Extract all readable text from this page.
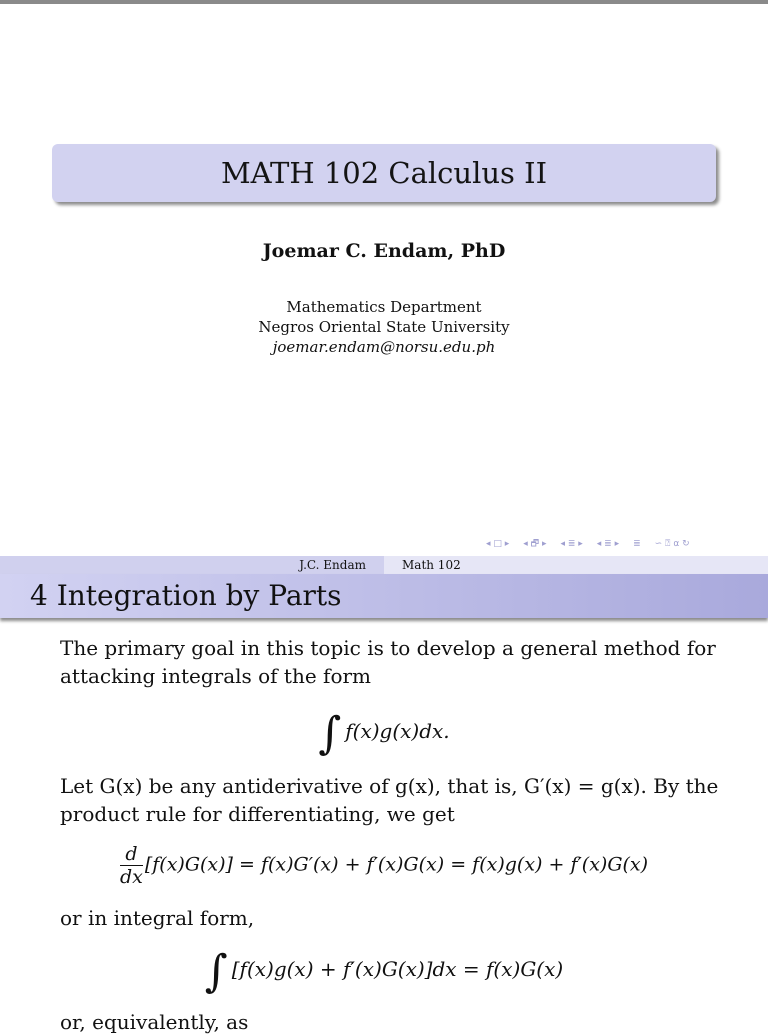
MATH 102 Calculus II
Joemar C. Endam, PhD
Mathematics Department
Negros Oriental State University
joemar.endam@norsu.edu.ph
◂ □ ▸ ◂ 🗗 ▸ ◂ ≣ ▸ ◂ ≣ ▸ ≣ ∽ ⍰ ⍺ ↻
J.C. Endam	Math 102
4 Integration by Parts
The primary goal in this topic is to develop a general method for attacking integrals of the form
∫ f(x)g(x)dx.
Let G(x) be any antiderivative of g(x), that is, G′(x) = g(x). By the product rule for differentiating, we get
$\frac{d}{dx} [f(x)G(x)] = f(x)G'(x) + f'(x)G(x) = f(x)g(x) + f'(x)G(x)$
or in integral form,
∫ [f(x)g(x) + f′(x)G(x)]dx = f(x)G(x)
or, equivalently, as
